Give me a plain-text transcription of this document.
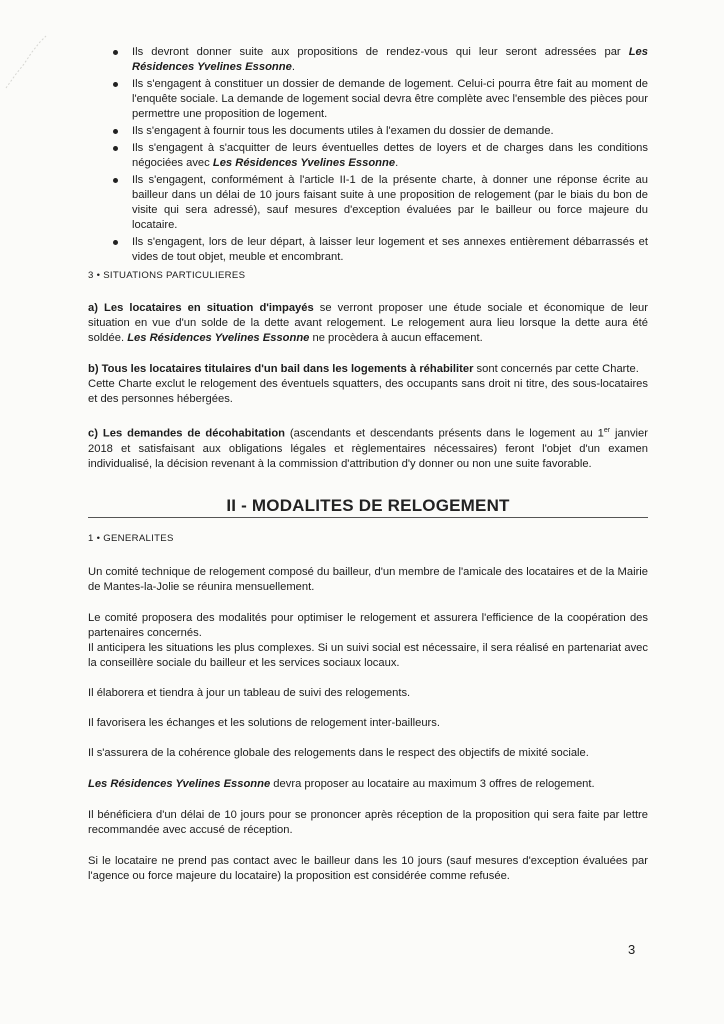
Ils devront donner suite aux propositions de rendez-vous qui leur seront adressées par Les Résidences Yvelines Essonne.
Ils s'engagent à constituer un dossier de demande de logement. Celui-ci pourra être fait au moment de l'enquête sociale. La demande de logement social devra être complète avec l'ensemble des pièces pour permettre une proposition de logement.
Ils s'engagent à fournir tous les documents utiles à l'examen du dossier de demande.
Ils s'engagent à s'acquitter de leurs éventuelles dettes de loyers et de charges dans les conditions négociées avec Les Résidences Yvelines Essonne.
Ils s'engagent, conformément à l'article II-1 de la présente charte, à donner une réponse écrite au bailleur dans un délai de 10 jours faisant suite à une proposition de relogement (par le biais du bon de visite qui sera adressé), sauf mesures d'exception évaluées par le bailleur ou force majeure du locataire.
Ils s'engagent, lors de leur départ, à laisser leur logement et ses annexes entièrement débarrassés et vides de tout objet, meuble et encombrant.

3 • SITUATIONS PARTICULIERES

a) Les locataires en situation d'impayés se verront proposer une étude sociale et économique de leur situation en vue d'un solde de la dette avant relogement. Le relogement aura lieu lorsque la dette aura été soldée. Les Résidences Yvelines Essonne ne procèdera à aucun effacement.

b) Tous les locataires titulaires d'un bail dans les logements à réhabiliter sont concernés par cette Charte.
Cette Charte exclut le relogement des éventuels squatters, des occupants sans droit ni titre, des sous-locataires et des personnes hébergées.

c) Les demandes de décohabitation (ascendants et descendants présents dans le logement au 1er janvier 2018 et satisfaisant aux obligations légales et règlementaires nécessaires) feront l'objet d'un examen individualisé, la décision revenant à la commission d'attribution d'y donner ou non une suite favorable.

II - MODALITES DE RELOGEMENT

1 • GENERALITES

Un comité technique de relogement composé du bailleur, d'un membre de l'amicale des locataires et de la Mairie de Mantes-la-Jolie se réunira mensuellement.

Le comité proposera des modalités pour optimiser le relogement et assurera l'efficience de la coopération des partenaires concernés.

Il anticipera les situations les plus complexes. Si un suivi social est nécessaire, il sera réalisé en partenariat avec la conseillère sociale du bailleur et les services sociaux locaux.

Il élaborera et tiendra à jour un tableau de suivi des relogements.

Il favorisera les échanges et les solutions de relogement inter-bailleurs.

Il s'assurera de la cohérence globale des relogements dans le respect des objectifs de mixité sociale.

Les Résidences Yvelines Essonne devra proposer au locataire au maximum 3 offres de relogement.

Il bénéficiera d'un délai de 10 jours pour se prononcer après réception de la proposition qui sera faite par lettre recommandée avec accusé de réception.

Si le locataire ne prend pas contact avec le bailleur dans les 10 jours (sauf mesures d'exception évaluées par l'agence ou force majeure du locataire) la proposition est considérée comme refusée.

3
